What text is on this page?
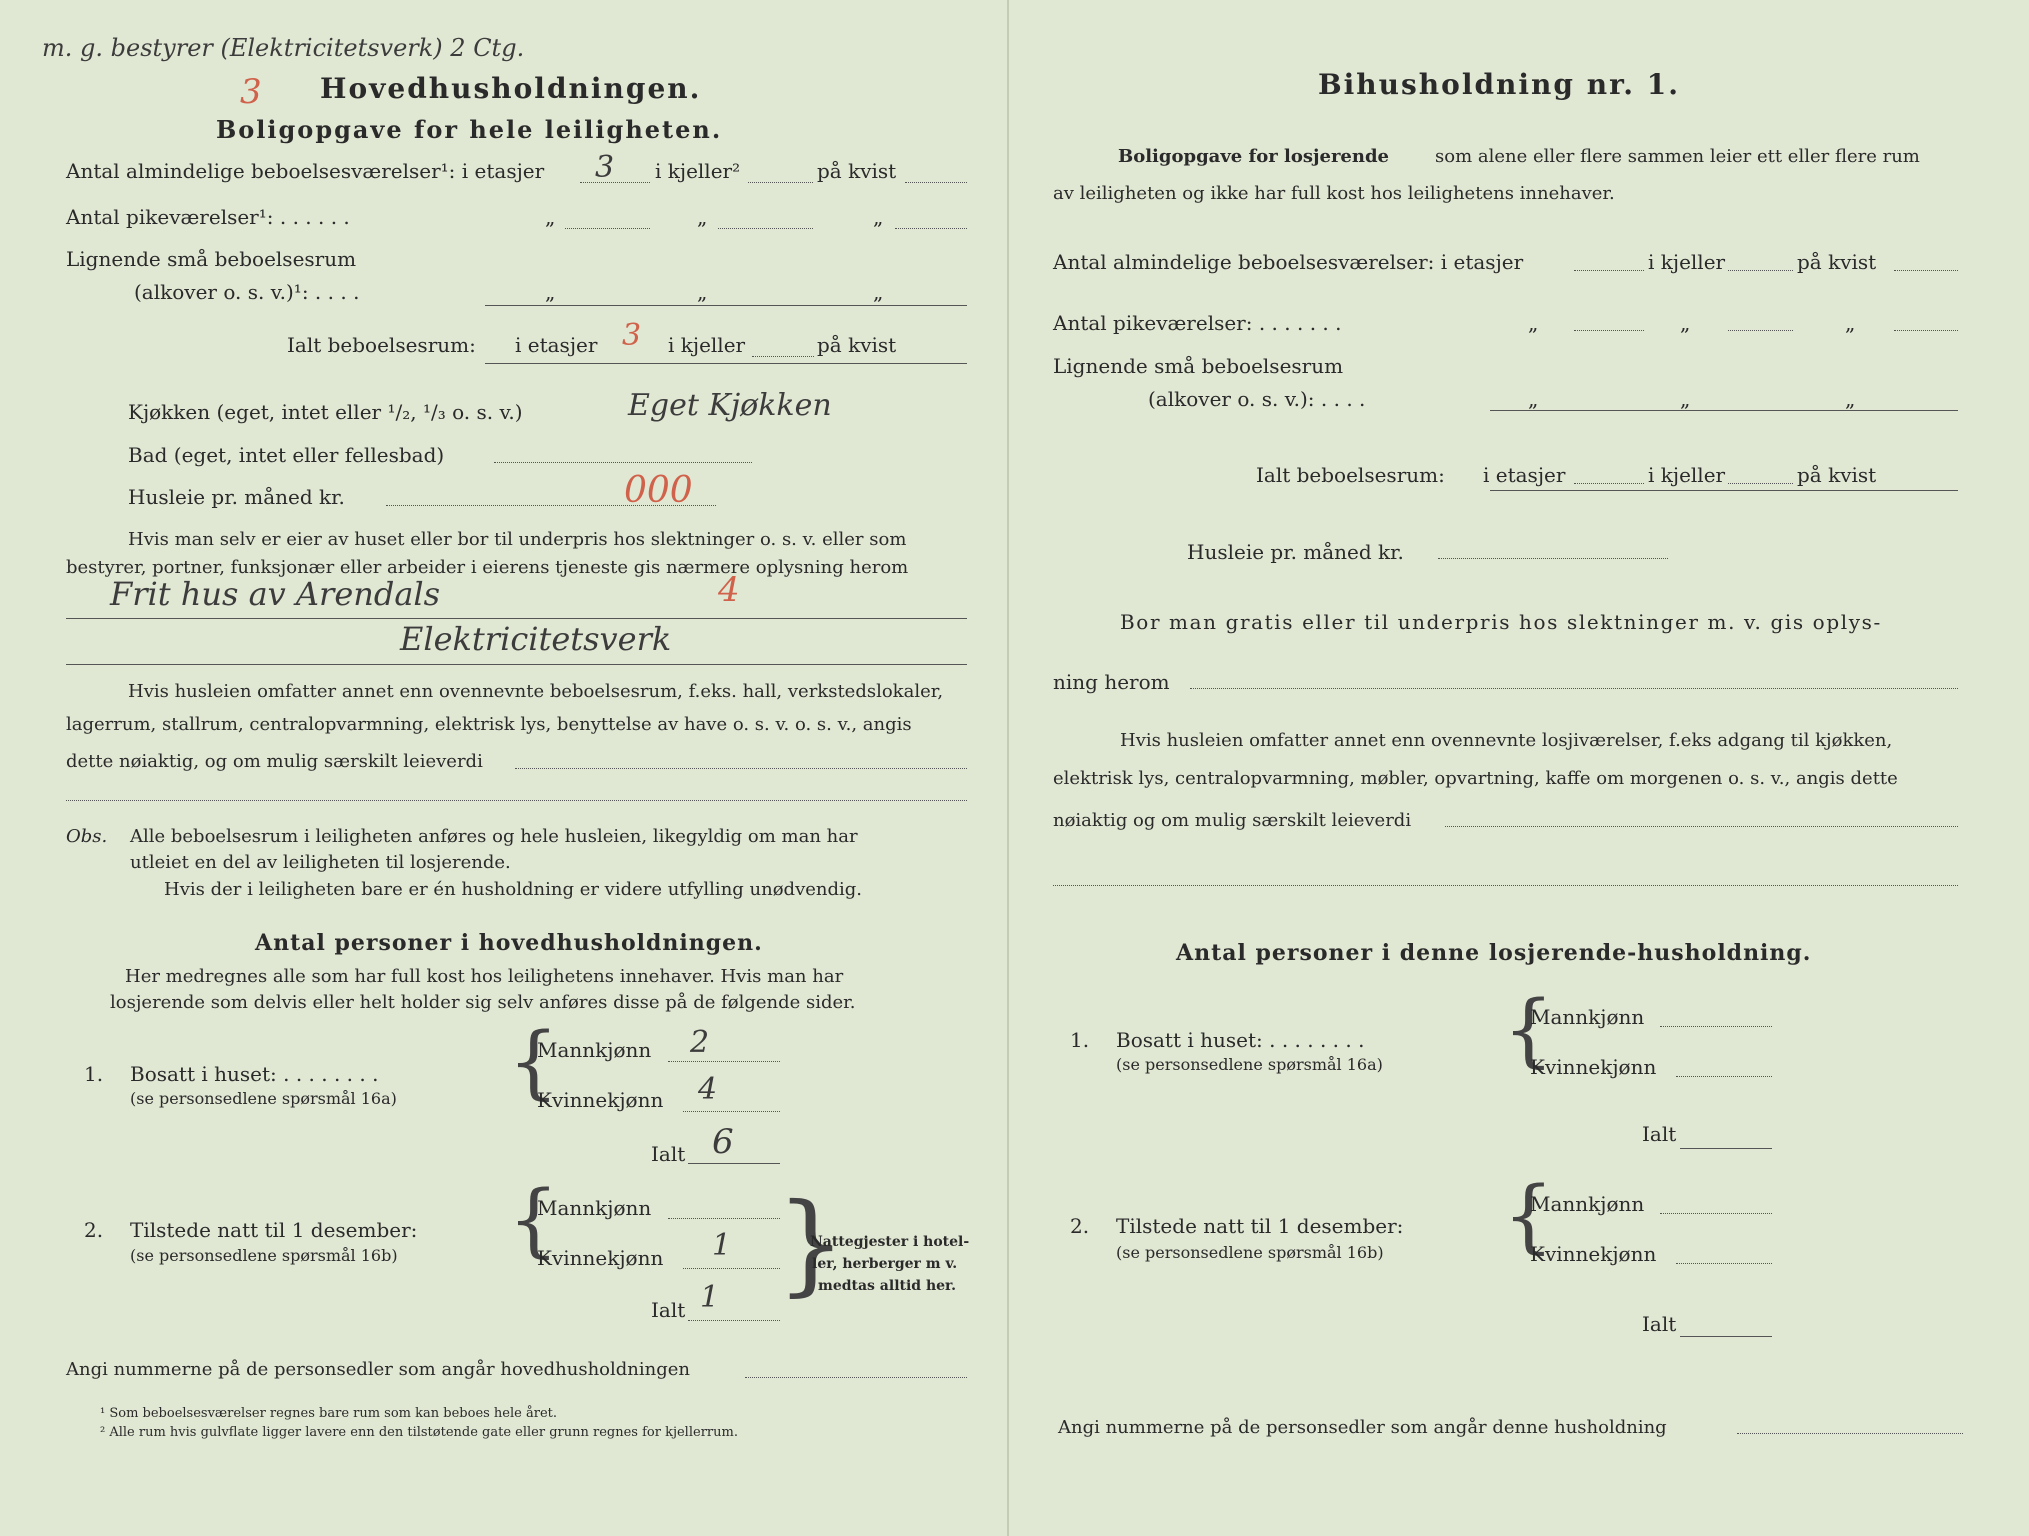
m. g. bestyrer (Elektricitetsverk) 2 Ctg.
3 Hovedhusholdningen.
Boligopgave for hele leiligheten.
Antal almindelige beboelsesværelser¹: i etasjer 3 i kjeller²	på kvist
Antal pikeværelser¹: . . . . . .	„	„	„
Lignende små beboelsesrum
(alkover o. s. v.)¹: . . . .	„	„	„
Ialt beboelsesrum: i etasjer 3 i kjeller	på kvist
Kjøkken (eget, intet eller ¹/₂, ¹/₃ o. s. v.)	Eget Kjøkken
Bad (eget, intet eller fellesbad)
Husleie pr. måned kr.	000
Hvis man selv er eier av huset eller bor til underpris hos slektninger o. s. v. eller som
bestyrer, portner, funksjonær eller arbeider i eierens tjeneste gis nærmere oplysning herom
Frit hus av Arendals	4
Elektricitetsverk
Hvis husleien omfatter annet enn ovennevnte beboelsesrum, f.eks. hall, verkstedslokaler,
lagerrum, stallrum, centralopvarmning, elektrisk lys, benyttelse av have o. s. v. o. s. v., angis
dette nøiaktig, og om mulig særskilt leieverdi
Obs. Alle beboelsesrum i leiligheten anføres og hele husleien, likegyldig om man har
utleiet en del av leiligheten til losjerende.
Hvis der i leiligheten bare er én husholdning er videre utfylling unødvendig.
Antal personer i hovedhusholdningen.
Her medregnes alle som har full kost hos leilighetens innehaver. Hvis man har
losjerende som delvis eller helt holder sig selv anføres disse på de følgende sider.
1. Bosatt i huset: . . . . . . . .
(se personsedlene spørsmål 16a) {
Mannkjønn 2
Kvinnekjønn 4
Ialt 6
2. Tilstede natt til 1 desember:
(se personsedlene spørsmål 16b) {
Mannkjønn
Kvinnekjønn 1
Ialt 1 }
Nattegjester i hotel-
ler, herberger m v.
medtas alltid her.
Angi nummerne på de personsedler som angår hovedhusholdningen
¹ Som beboelsesværelser regnes bare rum som kan beboes hele året.
² Alle rum hvis gulvflate ligger lavere enn den tilstøtende gate eller grunn regnes for kjellerrum.
Bihusholdning nr. 1.
Boligopgave for losjerende	som alene eller flere sammen leier ett eller flere rum
av leiligheten og ikke har full kost hos leilighetens innehaver.
Antal almindelige beboelsesværelser: i etasjer	i kjeller	på kvist
Antal pikeværelser: . . . . . . .	„	„	„
Lignende små beboelsesrum
(alkover o. s. v.): . . . .	„	„	„
Ialt beboelsesrum: i etasjer	i kjeller	på kvist
Husleie pr. måned kr.
Bor man gratis eller til underpris hos slektninger m. v. gis oplys-
ning herom
Hvis husleien omfatter annet enn ovennevnte losjiværelser, f.eks adgang til kjøkken,
elektrisk lys, centralopvarmning, møbler, opvartning, kaffe om morgenen o. s. v., angis dette
nøiaktig og om mulig særskilt leieverdi
Antal personer i denne losjerende-husholdning.
1. Bosatt i huset: . . . . . . . .
(se personsedlene spørsmål 16a) {
Mannkjønn
Kvinnekjønn
Ialt
2. Tilstede natt til 1 desember:
(se personsedlene spørsmål 16b) {
Mannkjønn
Kvinnekjønn
Ialt
Angi nummerne på de personsedler som angår denne husholdning
